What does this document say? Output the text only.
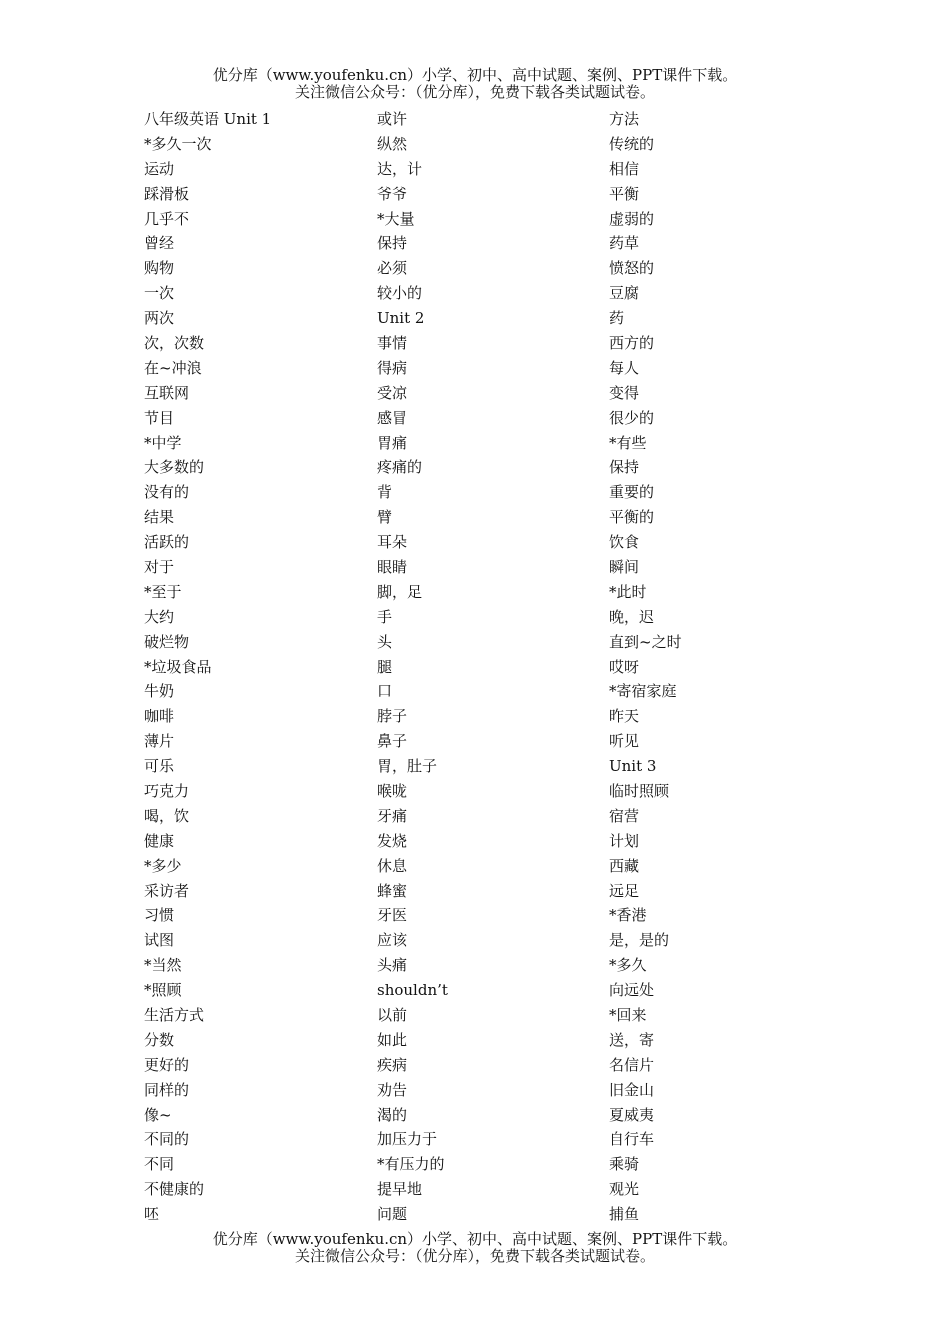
优分库（www.youfenku.cn）小学、初中、高中试题、案例、PPT课件下载。
关注微信公众号：（优分库），免费下载各类试题试卷。
八年级英语 Unit 1	或许	方法
*多久一次	纵然	传统的
运动	达，计	相信
踩滑板	爷爷	平衡
几乎不	*大量	虚弱的
曾经	保持	药草
购物	必须	愤怒的
一次	较小的	豆腐
两次	Unit 2	药
次，次数	事情	西方的
在~冲浪	得病	每人
互联网	受凉	变得
节目	感冒	很少的
*中学	胃痛	*有些
大多数的	疼痛的	保持
没有的	背	重要的
结果	臂	平衡的
活跃的	耳朵	饮食
对于	眼睛	瞬间
*至于	脚，足	*此时
大约	手	晚，迟
破烂物	头	直到~之时
*垃圾食品	腿	哎呀
牛奶	口	*寄宿家庭
咖啡	脖子	昨天
薄片	鼻子	听见
可乐	胃，肚子	Unit 3
巧克力	喉咙	临时照顾
喝，饮	牙痛	宿营
健康	发烧	计划
*多少	休息	西藏
采访者	蜂蜜	远足
习惯	牙医	*香港
试图	应该	是，是的
*当然	头痛	*多久
*照顾	shouldn’t	向远处
生活方式	以前	*回来
分数	如此	送，寄
更好的	疾病	名信片
同样的	劝告	旧金山
像~	渴的	夏威夷
不同的	加压力于	自行车
不同	*有压力的	乘骑
不健康的	提早地	观光
呸	问题	捕鱼
优分库（www.youfenku.cn）小学、初中、高中试题、案例、PPT课件下载。
关注微信公众号：（优分库），免费下载各类试题试卷。
